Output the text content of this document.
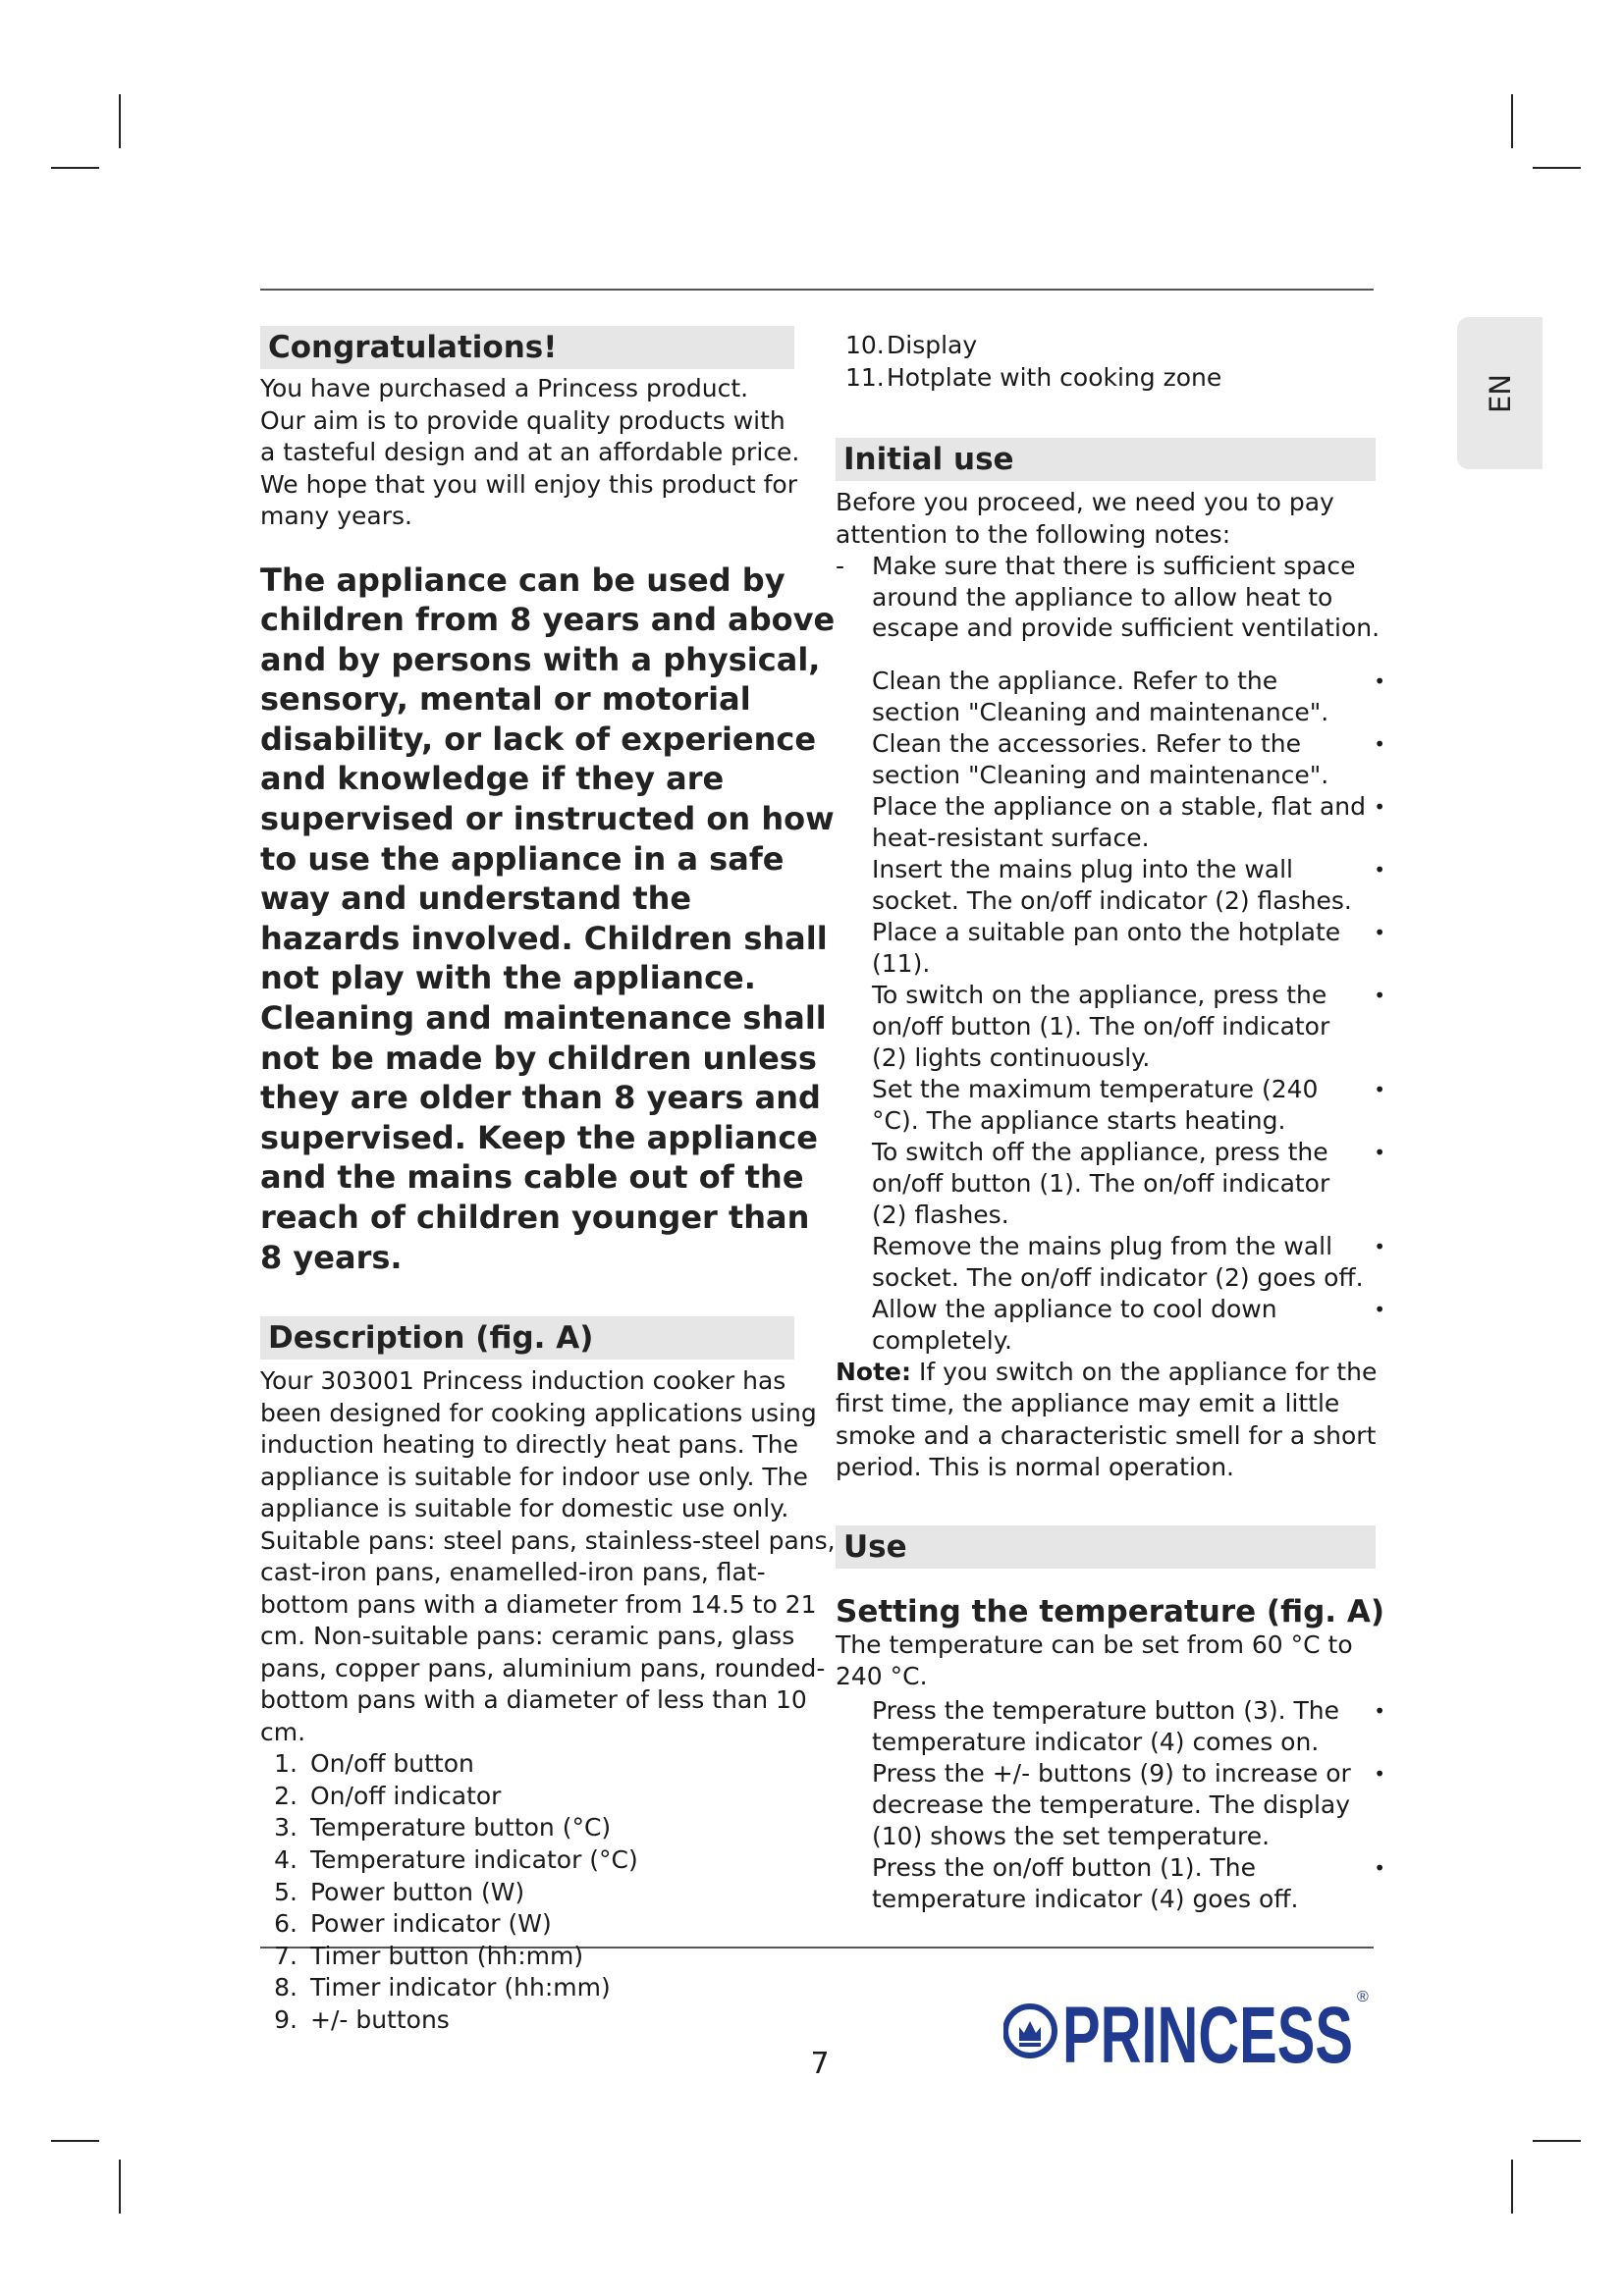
EN
Congratulations!

You have purchased a Princess product.

Our aim is to provide quality products with

a tasteful design and at an affordable price.

We hope that you will enjoy this product for

many years.

The appliance can be used by children from 8 years and above and by persons with a physical, sensory, mental or motorial disability, or lack of experience and knowledge if they are supervised or instructed on how to use the appliance in a safe way and understand the hazards involved. Children shall not play with the appliance. Cleaning and maintenance shall not be made by children unless they are older than 8 years and supervised. Keep the appliance and the mains cable out of the reach of children younger than 8 years.

Description (fig. A)

Your 303001 Princess induction cooker has been designed for cooking applications using induction heating to directly heat pans. The appliance is suitable for indoor use only. The appliance is suitable for domestic use only. Suitable pans: steel pans, stainless-steel pans, cast-iron pans, enamelled-iron pans, flat-bottom pans with a diameter from 14.5 to 21 cm. Non-suitable pans: ceramic pans, glass pans, copper pans, aluminium pans, rounded-bottom pans with a diameter of less than 10 cm.

1. On/off button
2. On/off indicator
3. Temperature button (°C)
4. Temperature indicator (°C)
5. Power button (W)
6. Power indicator (W)
7. Timer button (hh:mm)
8. Timer indicator (hh:mm)
9. +/- buttons
10. Display
11. Hotplate with cooking zone
Initial use

Before you proceed, we need you to pay attention to the following notes:

- Make sure that there is sufficient space around the appliance to allow heat to escape and provide sufficient ventilation.
Clean the appliance. Refer to the section "Cleaning and maintenance".
•
Clean the accessories. Refer to the section "Cleaning and maintenance".
•
Place the appliance on a stable, flat and heat-resistant surface.
•
Insert the mains plug into the wall socket. The on/off indicator (2) flashes.
•
Place a suitable pan onto the hotplate (11).
•
To switch on the appliance, press the on/off button (1). The on/off indicator (2) lights continuously.
•
Set the maximum temperature (240 °C). The appliance starts heating.
•
To switch off the appliance, press the on/off button (1). The on/off indicator (2) flashes.
•
Remove the mains plug from the wall socket. The on/off indicator (2) goes off.
•
Allow the appliance to cool down completely.
•

Note: If you switch on the appliance for the first time, the appliance may emit a little smoke and a characteristic smell for a short period. This is normal operation.

Use
Setting the temperature (fig. A)

The temperature can be set from 60 °C to 240 °C.

Press the temperature button (3). The temperature indicator (4) comes on.
•
Press the +/- buttons (9) to increase or decrease the temperature. The display (10) shows the set temperature.
•
Press the on/off button (1). The temperature indicator (4) goes off.
•
7	PRINCESS ®
